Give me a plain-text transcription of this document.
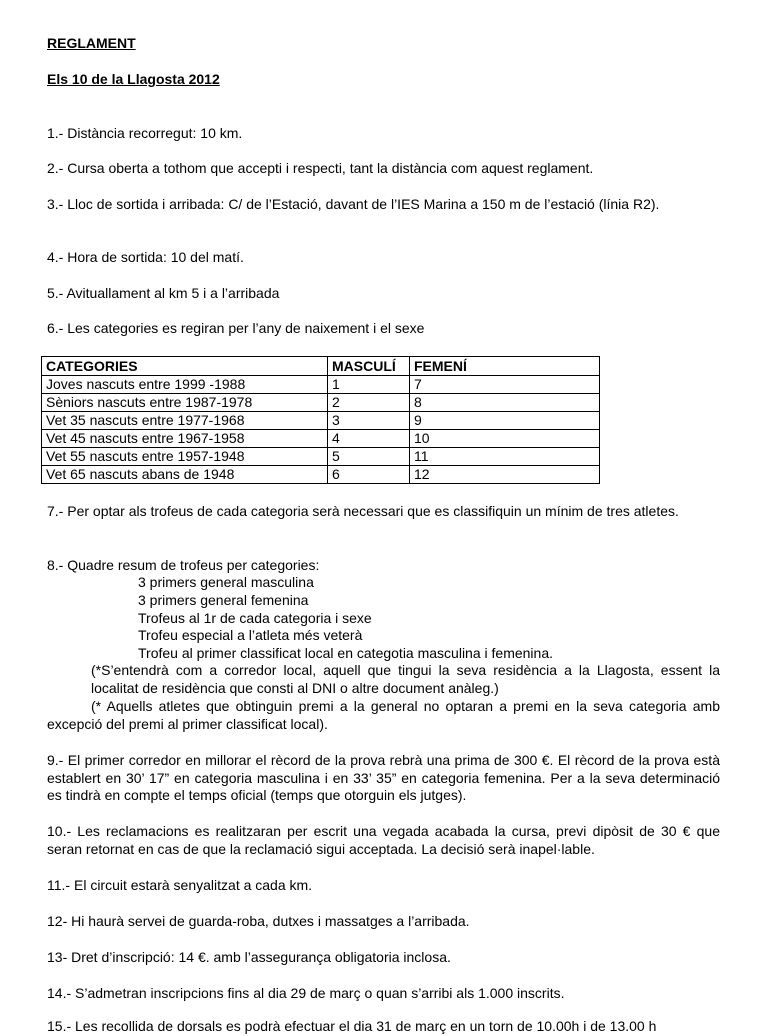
REGLAMENT
Els 10 de la Llagosta 2012

1.- Distància recorregut: 10 km.

2.- Cursa oberta a tothom que accepti i respecti, tant la distància com aquest reglament.

3.- Lloc de sortida i arribada: C/ de l’Estació, davant de l’IES Marina a 150 m de l’estació (línia R2).

4.- Hora de sortida: 10 del matí.

5.- Avituallament al km 5 i a l’arribada

6.- Les categories es regiran per l’any de naixement i el sexe

CATEGORIES	MASCULÍ	FEMENÍ
Joves nascuts entre 1999 -1988	1	7
Sèniors nascuts entre 1987-1978	2	8
Vet 35 nascuts entre 1977-1968	3	9
Vet 45 nascuts entre 1967-1958	4	10
Vet 55 nascuts entre 1957-1948	5	11
Vet 65 nascuts abans de 1948	6	12

7.- Per optar als trofeus de cada categoria serà necessari que es classifiquin un mínim de tres atletes.

8.- Quadre resum de trofeus per categories:

3 primers general masculina
3 primers general femenina
Trofeus al 1r de cada categoria i sexe
Trofeu especial a l’atleta més veterà
Trofeu al primer classificat local en categotia masculina i femenina.

(*S’entendrà com a corredor local, aquell que tingui la seva residència a la Llagosta, essent la localitat de residència que consti al DNI o altre document anàleg.)

(* Aquells atletes que obtinguin premi a la general no optaran a premi en la seva categoria amb excepció del premi al primer classificat local).

9.- El primer corredor en millorar el rècord de la prova rebrà una prima de 300 €. El rècord de la prova està establert en 30’ 17” en categoria masculina i en 33’ 35” en categoria femenina. Per a la seva determinació es tindrà en compte el temps oficial (temps que otorguin els jutges).

10.- Les reclamacions es realitzaran per escrit una vegada acabada la cursa, previ dipòsit de 30 € que seran retornat en cas de que la reclamació sigui acceptada. La decisió serà inapel·lable.

11.- El circuit estarà senyalitzat a cada km.

12- Hi haurà servei de guarda-roba, dutxes i massatges a l’arribada.

13- Dret d’inscripció: 14 €. amb l’assegurança obligatoria inclosa.

14.- S’admetran inscripcions fins al dia 29 de març o quan s’arribi als 1.000 inscrits.

15.- Les recollida de dorsals es podrà efectuar el dia 31 de març en un torn de 10.00h i de 13.00 h
